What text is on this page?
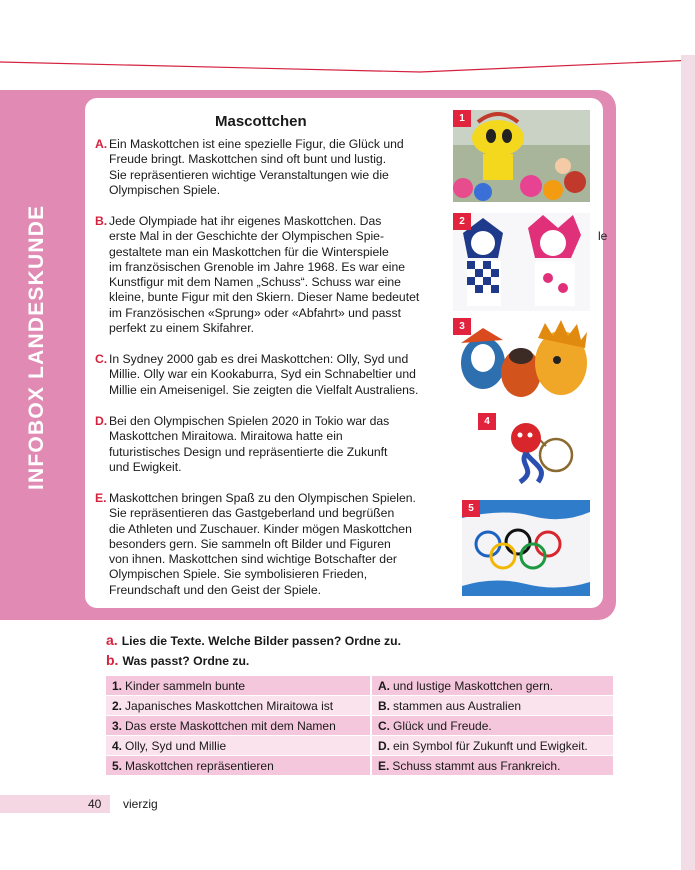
INFOBOX LANDESKUNDE
Mascottchen
A. Ein Maskottchen ist eine spezielle Figur, die Glück und
Freude bringt. Maskottchen sind oft bunt und lustig.
Sie repräsentieren wichtige Veranstaltungen wie die
Olympischen Spiele.
B. Jede Olympiade hat ihr eigenes Maskottchen. Das
erste Mal in der Geschichte der Olympischen Spie-
gestaltete man ein Maskottchen für die Winterspiele
im französischen Grenoble im Jahre 1968. Es war eine
Kunstfigur mit dem Namen „Schuss“. Schuss war eine
kleine, bunte Figur mit den Skiern. Dieser Name bedeutet
im Französischen «Sprung» oder «Abfahrt» und passt
perfekt zu einem Skifahrer.
C. In Sydney 2000 gab es drei Maskottchen: Olly, Syd und
Millie. Olly war ein Kookaburra, Syd ein Schnabeltier und
Millie ein Ameisenigel. Sie zeigten die Vielfalt Australiens.
D. Bei den Olympischen Spielen 2020 in Tokio war das
Maskottchen Miraitowa. Miraitowa hatte ein
futuristisches Design und repräsentierte die Zukunft
und Ewigkeit.
E. Maskottchen bringen Spaß zu den Olympischen Spielen.
Sie repräsentieren das Gastgeberland und begrüßen
die Athleten und Zuschauer. Kinder mögen Maskottchen
besonders gern. Sie sammeln oft Bilder und Figuren
von ihnen. Maskottchen sind wichtige Botschafter der
Olympischen Spiele. Sie symbolisieren Frieden,
Freundschaft und den Geist der Spiele.
1
2
le
3
4
5
a. Lies die Texte. Welche Bilder passen? Ordne zu.
b. Was passt? Ordne zu.
1. Kinder sammeln bunte	A. und lustige Maskottchen gern.
2. Japanisches Maskottchen Miraitowa ist	B. stammen aus Australien
3. Das erste Maskottchen mit dem Namen	C. Glück und Freude.
4. Olly, Syd und Millie	D. ein Symbol für Zukunft und Ewigkeit.
5. Maskottchen repräsentieren	E. Schuss stammt aus Frankreich.
40 vierzig
